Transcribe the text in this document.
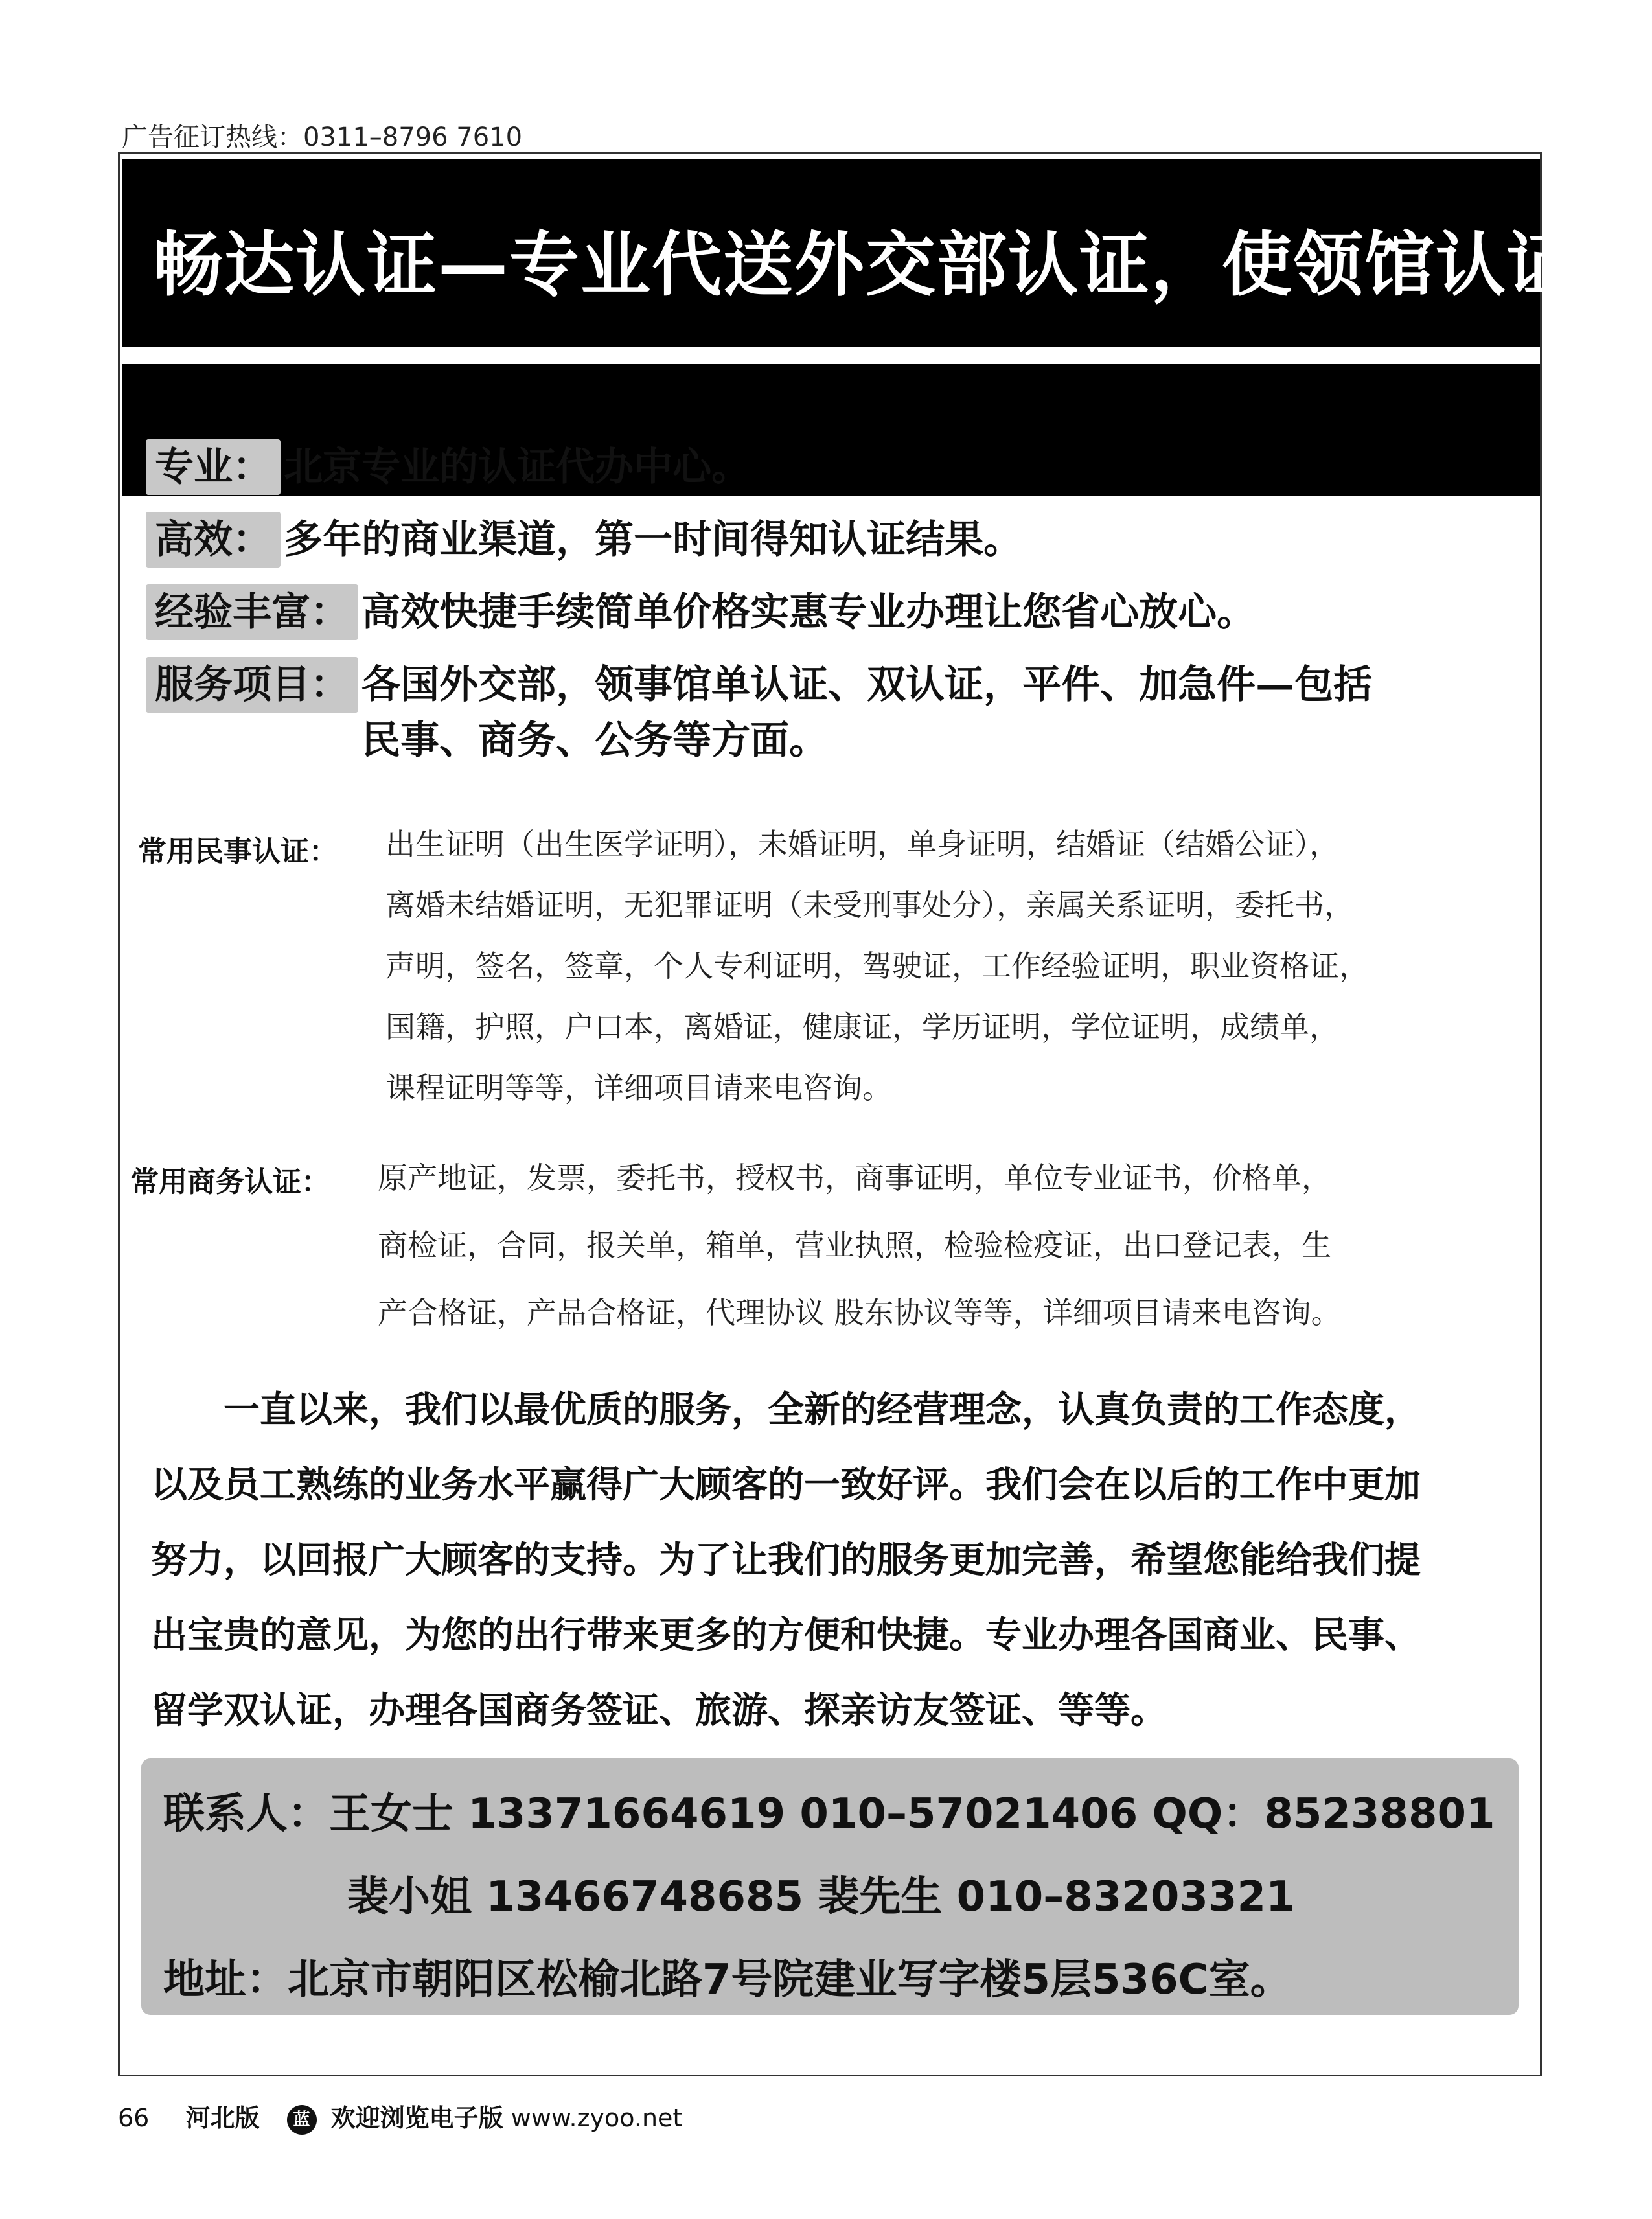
广告征订热线：0311–8796 7610
畅达认证—专业代送外交部认证，使领馆认证
专业： 北京专业的认证代办中心。
高效： 多年的商业渠道，第一时间得知认证结果。
经验丰富： 高效快捷手续简单价格实惠专业办理让您省心放心。
服务项目： 各国外交部，领事馆单认证、双认证，平件、加急件—包括
民事、商务、公务等方面。
常用民事认证： 出生证明（出生医学证明），未婚证明，单身证明，结婚证（结婚公证），
离婚未结婚证明，无犯罪证明（未受刑事处分），亲属关系证明，委托书，
声明，签名，签章，个人专利证明，驾驶证，工作经验证明，职业资格证，
国籍，护照，户口本，离婚证，健康证，学历证明，学位证明，成绩单，
课程证明等等，详细项目请来电咨询。
常用商务认证： 原产地证，发票，委托书，授权书，商事证明，单位专业证书，价格单，
商检证，合同，报关单，箱单，营业执照，检验检疫证，出口登记表，生
产合格证，产品合格证，代理协议 股东协议等等，详细项目请来电咨询。
一直以来，我们以最优质的服务，全新的经营理念，认真负责的工作态度，
以及员工熟练的业务水平赢得广大顾客的一致好评。我们会在以后的工作中更加
努力，以回报广大顾客的支持。为了让我们的服务更加完善，希望您能给我们提
出宝贵的意见，为您的出行带来更多的方便和快捷。专业办理各国商业、民事、
留学双认证，办理各国商务签证、旅游、探亲访友签证、等等。
联系人：王女士 13371664619 010–57021406 QQ：85238801
裴小姐 13466748685 裴先生 010–83203321
地址：北京市朝阳区松榆北路7号院建业写字楼5层536C室。
66 河北版 蓝 欢迎浏览电子版 www.zyoo.net
